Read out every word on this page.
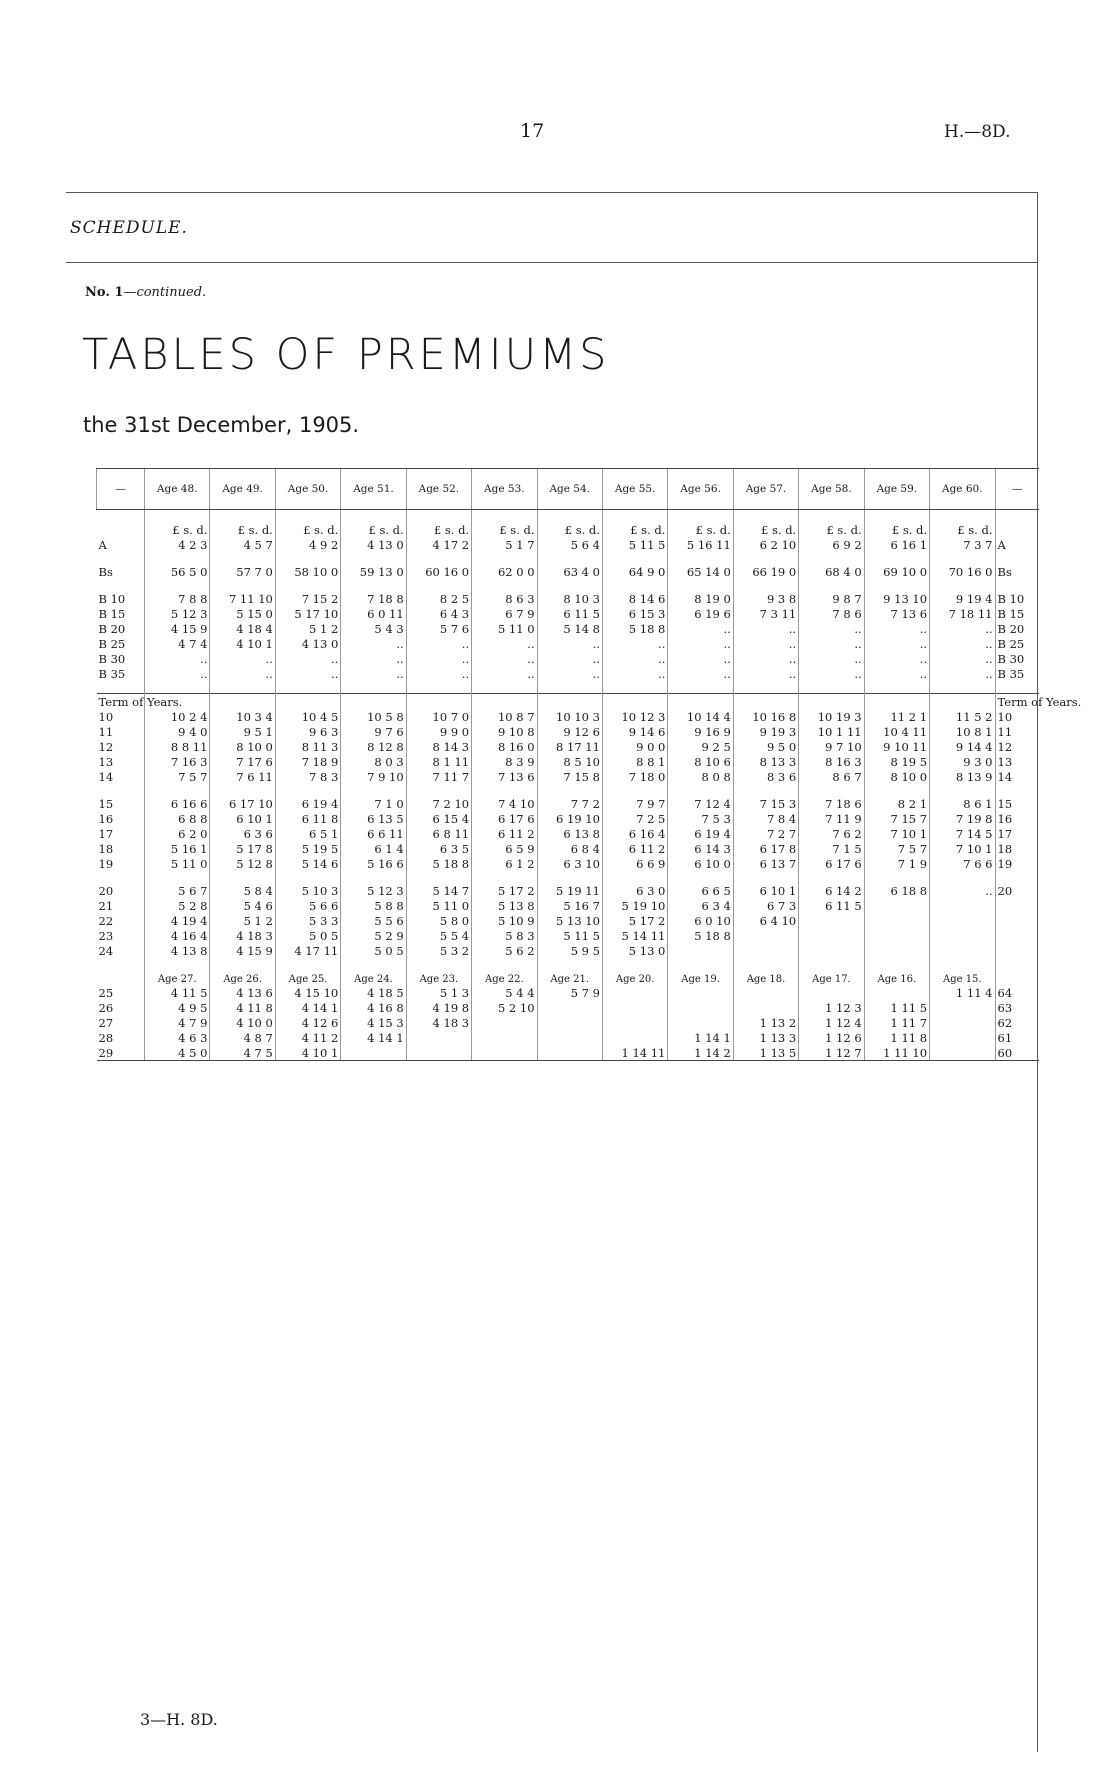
17	H.—8D.
SCHEDULE.
No. 1—continued.
TABLES OF PREMIUMS
the 31st December, 1905.
—	Age 48.	Age 49.	Age 50.	Age 51.	Age 52.	Age 53.	Age 54.	Age 55.	Age 56.	Age 57.	Age 58.	Age 59.	Age 60.	—

	£ s. d.	£ s. d.	£ s. d.	£ s. d.	£ s. d.	£ s. d.	£ s. d.	£ s. d.	£ s. d.	£ s. d.	£ s. d.	£ s. d.	£ s. d.	
A	4 2 3	4 5 7	4 9 2	4 13 0	4 17 2	5 1 7	5 6 4	5 11 5	5 16 11	6 2 10	6 9 2	6 16 1	7 3 7	A

Bs	56 5 0	57 7 0	58 10 0	59 13 0	60 16 0	62 0 0	63 4 0	64 9 0	65 14 0	66 19 0	68 4 0	69 10 0	70 16 0	Bs

B 10	7 8 8	7 11 10	7 15 2	7 18 8	8 2 5	8 6 3	8 10 3	8 14 6	8 19 0	9 3 8	9 8 7	9 13 10	9 19 4	B 10
B 15	5 12 3	5 15 0	5 17 10	6 0 11	6 4 3	6 7 9	6 11 5	6 15 3	6 19 6	7 3 11	7 8 6	7 13 6	7 18 11	B 15
B 20	4 15 9	4 18 4	5 1 2	5 4 3	5 7 6	5 11 0	5 14 8	5 18 8	..	..	..	..	..	B 20
B 25	4 7 4	4 10 1	4 13 0	..	..	..	..	..	..	..	..	..	..	B 25
B 30	..	..	..	..	..	..	..	..	..	..	..	..	..	B 30
B 35	..	..	..	..	..	..	..	..	..	..	..	..	..	B 35

Term of Years.														Term of Years.
10	10 2 4	10 3 4	10 4 5	10 5 8	10 7 0	10 8 7	10 10 3	10 12 3	10 14 4	10 16 8	10 19 3	11 2 1	11 5 2	10
11	9 4 0	9 5 1	9 6 3	9 7 6	9 9 0	9 10 8	9 12 6	9 14 6	9 16 9	9 19 3	10 1 11	10 4 11	10 8 1	11
12	8 8 11	8 10 0	8 11 3	8 12 8	8 14 3	8 16 0	8 17 11	9 0 0	9 2 5	9 5 0	9 7 10	9 10 11	9 14 4	12
13	7 16 3	7 17 6	7 18 9	8 0 3	8 1 11	8 3 9	8 5 10	8 8 1	8 10 6	8 13 3	8 16 3	8 19 5	9 3 0	13
14	7 5 7	7 6 11	7 8 3	7 9 10	7 11 7	7 13 6	7 15 8	7 18 0	8 0 8	8 3 6	8 6 7	8 10 0	8 13 9	14

15	6 16 6	6 17 10	6 19 4	7 1 0	7 2 10	7 4 10	7 7 2	7 9 7	7 12 4	7 15 3	7 18 6	8 2 1	8 6 1	15
16	6 8 8	6 10 1	6 11 8	6 13 5	6 15 4	6 17 6	6 19 10	7 2 5	7 5 3	7 8 4	7 11 9	7 15 7	7 19 8	16
17	6 2 0	6 3 6	6 5 1	6 6 11	6 8 11	6 11 2	6 13 8	6 16 4	6 19 4	7 2 7	7 6 2	7 10 1	7 14 5	17
18	5 16 1	5 17 8	5 19 5	6 1 4	6 3 5	6 5 9	6 8 4	6 11 2	6 14 3	6 17 8	7 1 5	7 5 7	7 10 1	18
19	5 11 0	5 12 8	5 14 6	5 16 6	5 18 8	6 1 2	6 3 10	6 6 9	6 10 0	6 13 7	6 17 6	7 1 9	7 6 6	19

20	5 6 7	5 8 4	5 10 3	5 12 3	5 14 7	5 17 2	5 19 11	6 3 0	6 6 5	6 10 1	6 14 2	6 18 8	..	20
21	5 2 8	5 4 6	5 6 6	5 8 8	5 11 0	5 13 8	5 16 7	5 19 10	6 3 4	6 7 3	6 11 5			
22	4 19 4	5 1 2	5 3 3	5 5 6	5 8 0	5 10 9	5 13 10	5 17 2	6 0 10	6 4 10				
23	4 16 4	4 18 3	5 0 5	5 2 9	5 5 4	5 8 3	5 11 5	5 14 11	5 18 8					
24	4 13 8	4 15 9	4 17 11	5 0 5	5 3 2	5 6 2	5 9 5	5 13 0						

	Age 27.	Age 26.	Age 25.	Age 24.	Age 23.	Age 22.	Age 21.	Age 20.	Age 19.	Age 18.	Age 17.	Age 16.	Age 15.	
25	4 11 5	4 13 6	4 15 10	4 18 5	5 1 3	5 4 4	5 7 9						1 11 4	64
26	4 9 5	4 11 8	4 14 1	4 16 8	4 19 8	5 2 10					1 12 3	1 11 5		63
27	4 7 9	4 10 0	4 12 6	4 15 3	4 18 3					1 13 2	1 12 4	1 11 7		62
28	4 6 3	4 8 7	4 11 2	4 14 1					1 14 1	1 13 3	1 12 6	1 11 8		61
29	4 5 0	4 7 5	4 10 1					1 14 11	1 14 2	1 13 5	1 12 7	1 11 10		60
3—H. 8D.
